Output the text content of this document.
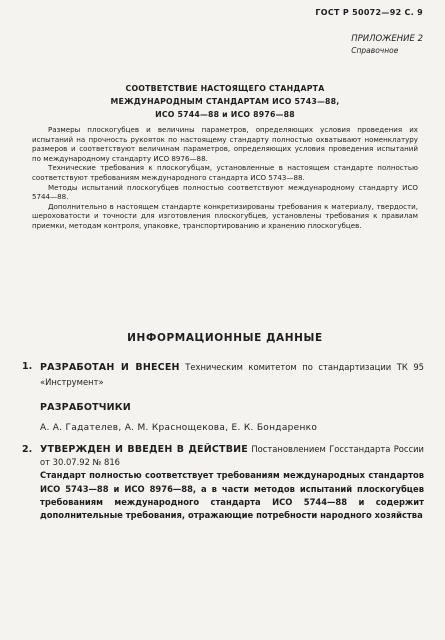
ГОСТ Р 50072—92 С. 9
ПРИЛОЖЕНИЕ 2
Справочное
СООТВЕТСТВИЕ НАСТОЯЩЕГО СТАНДАРТА
МЕЖДУНАРОДНЫМ СТАНДАРТАМ ИСО 5743—88,
ИСО 5744—88 и ИСО 8976—88

Размеры плоскогубцев и величины параметров, определяющих условия проведения их испытаний на прочность рукояток по настоящему стандарту полностью охватывают номенклатуру размеров и соответствуют величинам параметров, определяющих условия проведения испытаний по международному стандарту ИСО 8976—88.

Технические требования к плоскогубцам, установленные в настоящем стандарте полностью соответствуют требованиям международного стандарта ИСО 5743—88.

Методы испытаний плоскогубцев полностью соответствуют международному стандарту ИСО 5744—88.

Дополнительно в настоящем стандарте конкретизированы требования к материалу, твердости, шероховатости и точности для изготовления плоскогубцев, установлены требования к правилам приемки, методам контроля, упаковке, транспортированию и хранению плоскогубцев.

ИНФОРМАЦИОННЫЕ ДАННЫЕ
1. РАЗРАБОТАН И ВНЕСЕН Техническим комитетом по стандартизации ТК 95 «Инструмент»
РАЗРАБОТЧИКИ
А. А. Гадателев, А. М. Краснощекова, Е. К. Бондаренко
2. УТВЕРЖДЕН И ВВЕДЕН В ДЕЙСТВИЕ Постановлением Госстандарта России от 30.07.92 № 816
Стандарт полностью соответствует требованиям международных стандартов ИСО 5743—88 и ИСО 8976—88, а в части методов испытаний плоскогубцев требованиям международного стандарта ИСО 5744—88 и содержит дополнительные требования, отражающие потребности народного хозяйства
